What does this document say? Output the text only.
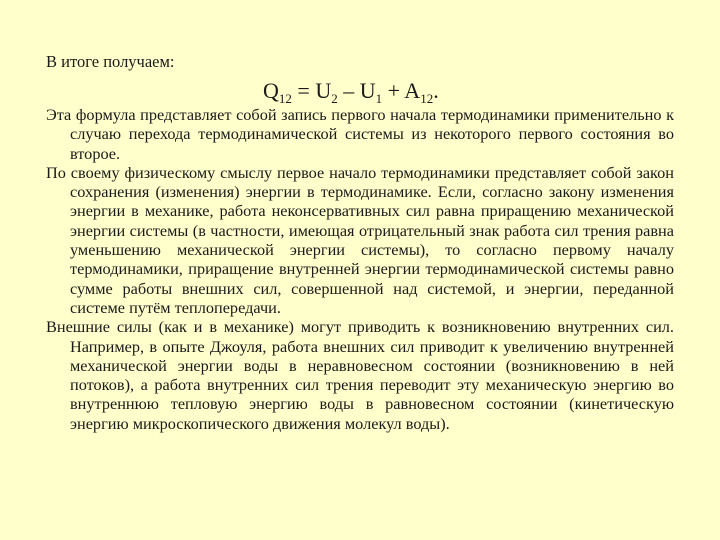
В итоге получаем:
$Q_{12} = U_2 - U_1 + A_{12}$.

Эта формула представляет собой запись первого начала термодинамики применительно к случаю перехода термодинамической системы из некоторого первого состояния во второе.

По своему физическому смыслу первое начало термодинамики представляет собой закон сохранения (изменения) энергии в термодинамике. Если, согласно закону изменения энергии в механике, работа неконсервативных сил равна приращению механической энергии системы (в частности, имеющая отрицательный знак работа сил трения равна уменьшению механической энергии системы), то согласно первому началу термодинамики, приращение внутренней энергии термодинамической системы равно сумме работы внешних сил, совершенной над системой, и энергии, переданной системе путём теплопередачи.

Внешние силы (как и в механике) могут приводить к возникновению внутренних сил. Например, в опыте Джоуля, работа внешних сил приводит к увеличению внутренней механической энергии воды в неравновесном состоянии (возникновению в ней потоков), а работа внутренних сил трения переводит эту механическую энергию во внутреннюю тепловую энергию воды в равновесном состоянии (кинетическую энергию микроскопического движения молекул воды).
